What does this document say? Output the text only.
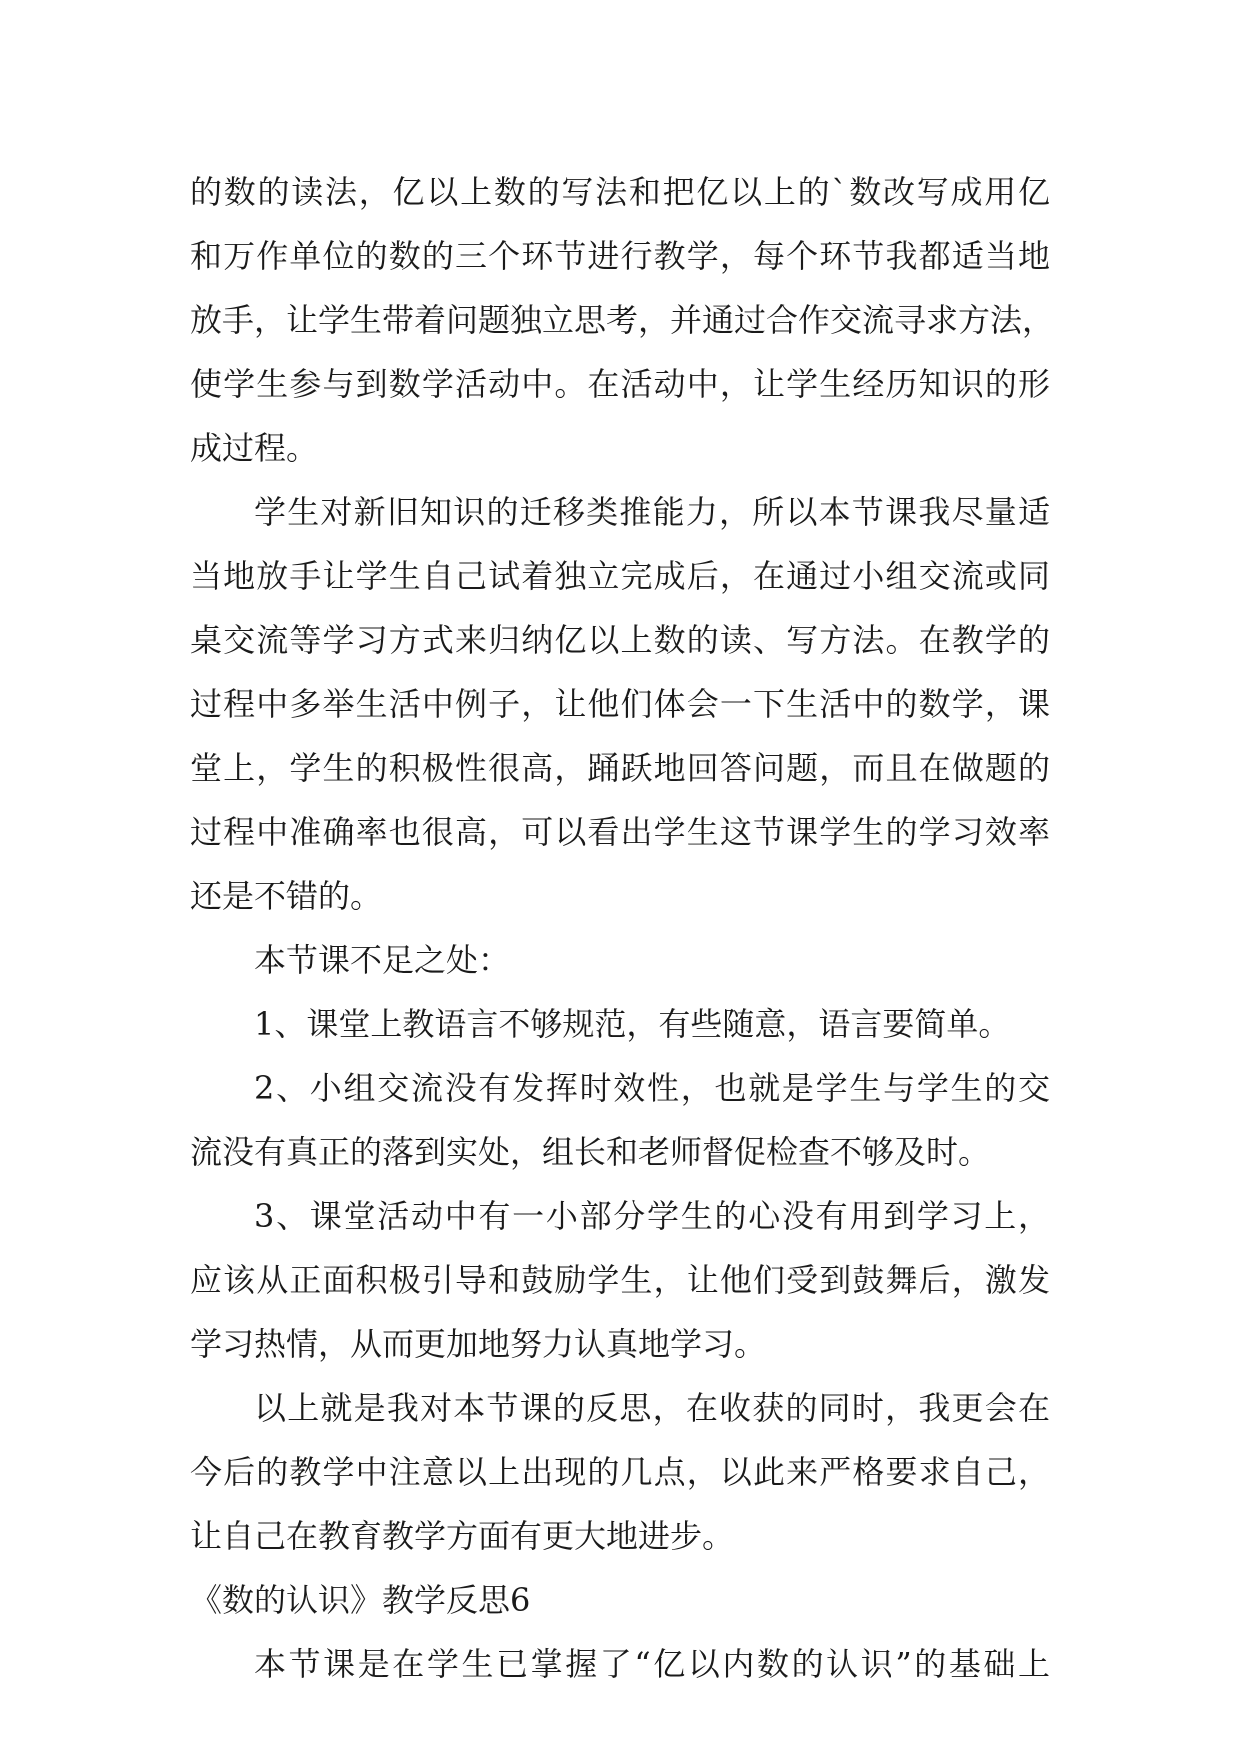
的数的读法，亿以上数的写法和把亿以上的`数改写成用亿
和万作单位的数的三个环节进行教学，每个环节我都适当地
放手，让学生带着问题独立思考，并通过合作交流寻求方法，
使学生参与到数学活动中。在活动中，让学生经历知识的形
成过程。
学生对新旧知识的迁移类推能力，所以本节课我尽量适
当地放手让学生自己试着独立完成后，在通过小组交流或同
桌交流等学习方式来归纳亿以上数的读、写方法。在教学的
过程中多举生活中例子，让他们体会一下生活中的数学，课
堂上，学生的积极性很高，踊跃地回答问题，而且在做题的
过程中准确率也很高，可以看出学生这节课学生的学习效率
还是不错的。
本节课不足之处：
1、课堂上教语言不够规范，有些随意，语言要简单。
2、小组交流没有发挥时效性，也就是学生与学生的交
流没有真正的落到实处，组长和老师督促检查不够及时。
3、课堂活动中有一小部分学生的心没有用到学习上，
应该从正面积极引导和鼓励学生，让他们受到鼓舞后，激发
学习热情，从而更加地努力认真地学习。
以上就是我对本节课的反思，在收获的同时，我更会在
今后的教学中注意以上出现的几点，以此来严格要求自己，
让自己在教育教学方面有更大地进步。
《数的认识》教学反思6
本节课是在学生已掌握了“亿以内数的认识”的基础上
